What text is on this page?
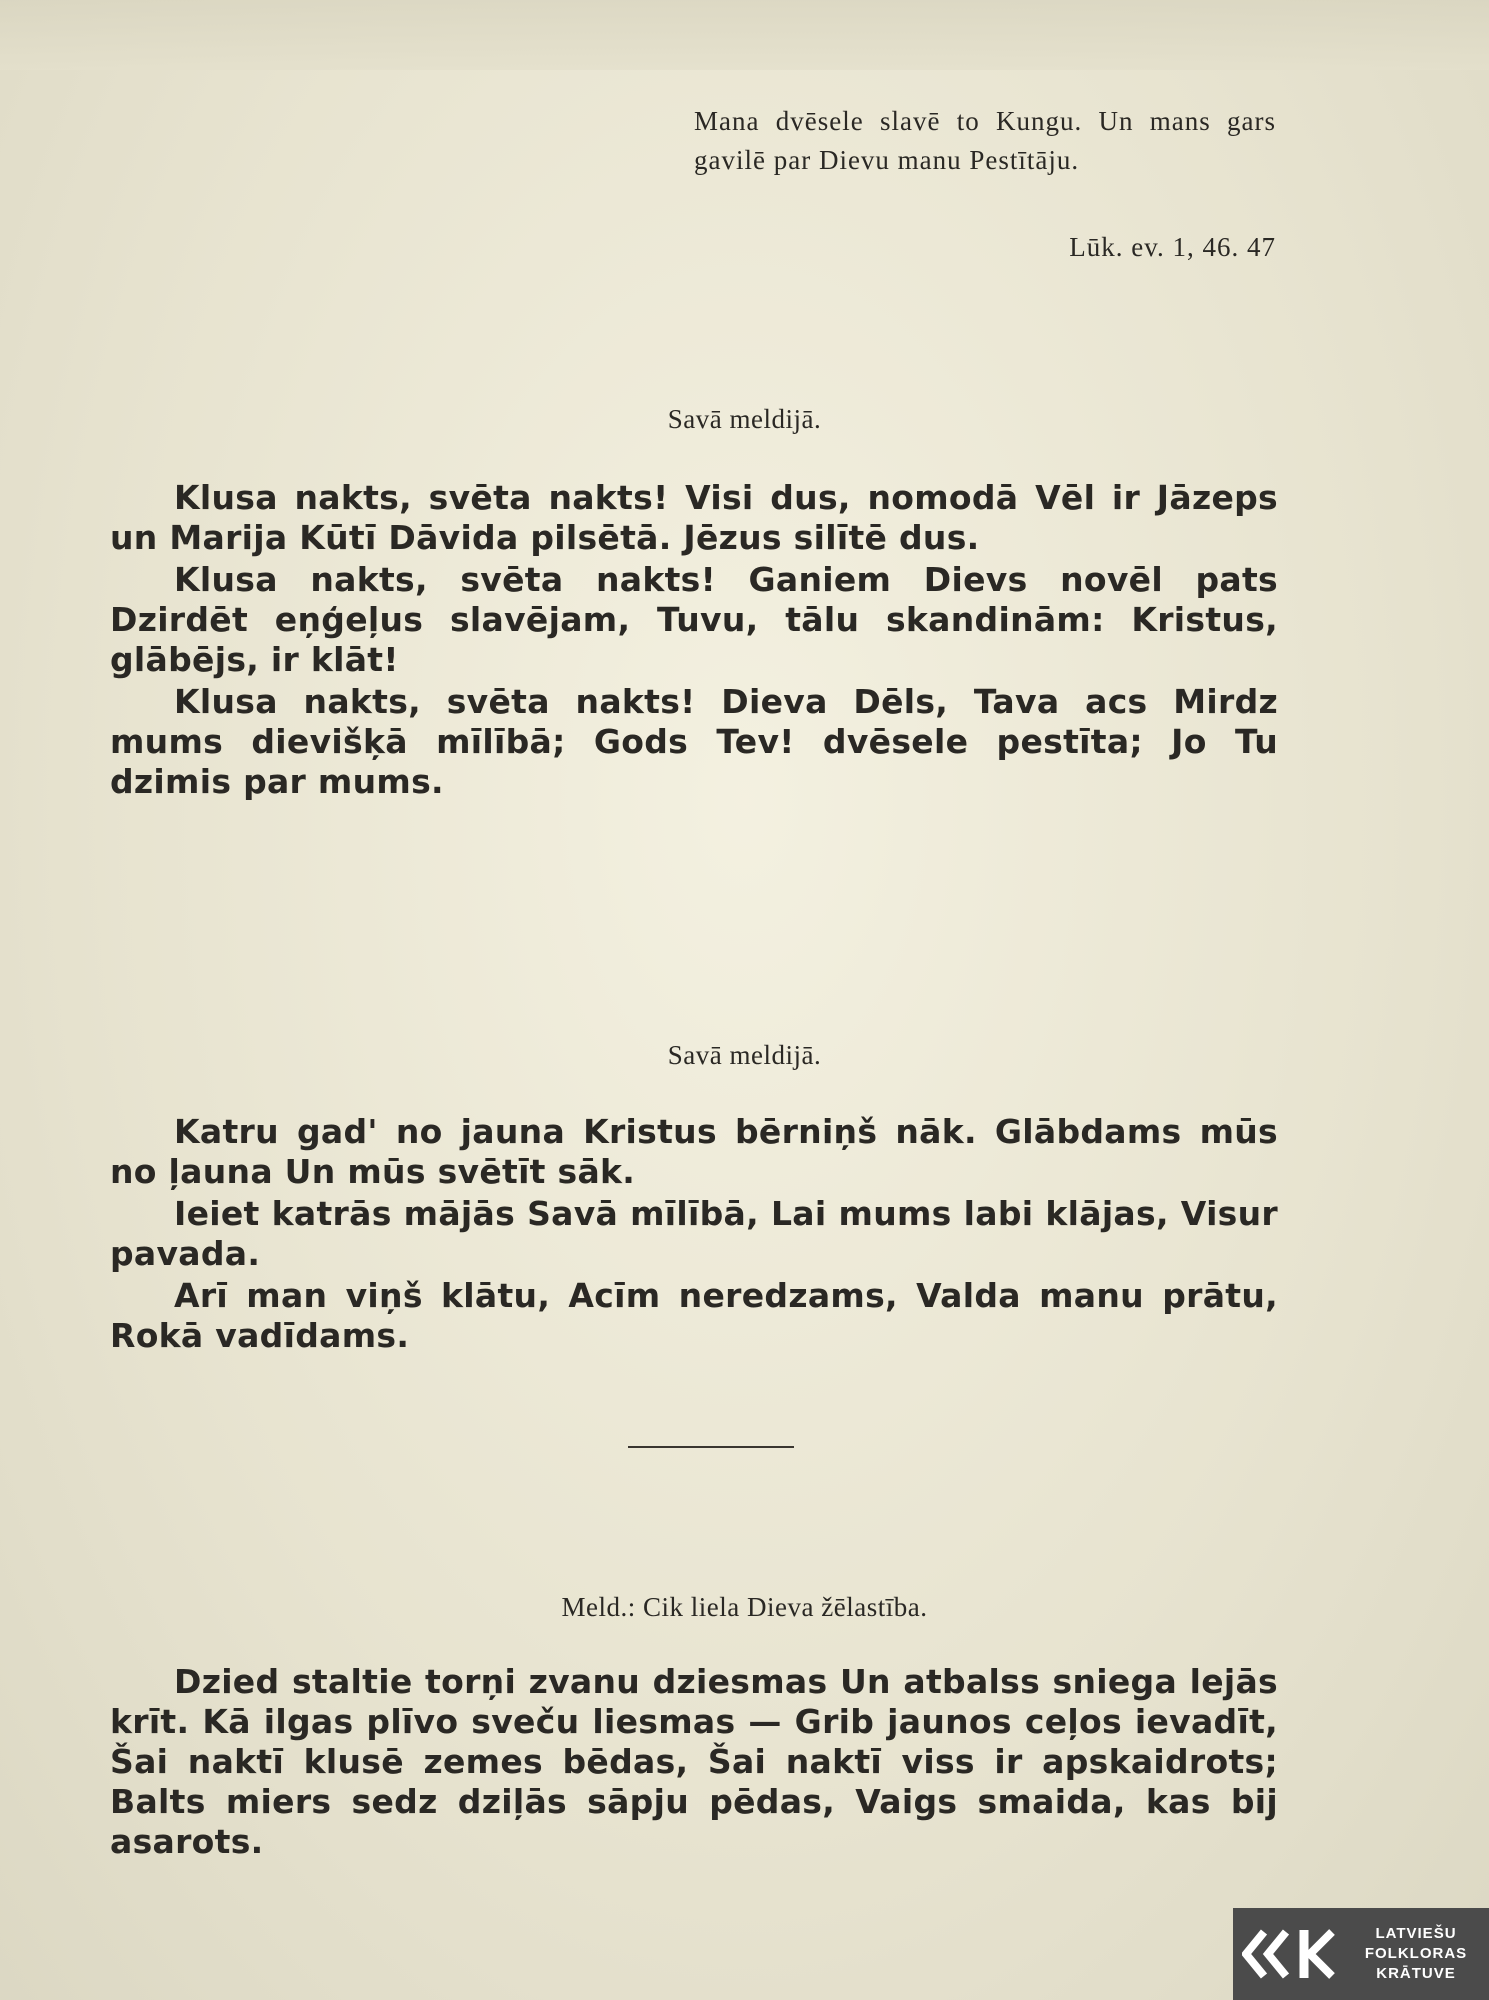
Mana dvēsele slavē to Kungu. Un mans gars gavilē par Dievu manu Pestītāju.
Lūk. ev. 1, 46. 47
Savā meldijā.

Klusa nakts, svēta nakts! Visi dus, nomodā Vēl ir Jāzeps un Marija Kūtī Dāvida pilsētā. Jēzus silītē dus.

Klusa nakts, svēta nakts! Ganiem Dievs novēl pats Dzirdēt eņģeļus slavējam, Tuvu, tālu skandinām: Kristus, glābējs, ir klāt!

Klusa nakts, svēta nakts! Dieva Dēls, Tava acs Mirdz mums dievišķā mīlībā; Gods Tev! dvēsele pestīta; Jo Tu dzimis par mums.

Savā meldijā.

Katru gad' no jauna Kristus bērniņš nāk. Glābdams mūs no ļauna Un mūs svētīt sāk.

Ieiet katrās mājās Savā mīlībā, Lai mums labi klājas, Visur pavada.

Arī man viņš klātu, Acīm neredzams, Valda manu prātu, Rokā vadīdams.

Meld.: Cik liela Dieva žēlastība.

Dzied staltie torņi zvanu dziesmas Un atbalss sniega lejās krīt. Kā ilgas plīvo sveču liesmas — Grib jaunos ceļos ievadīt, Šai naktī klusē zemes bēdas, Šai naktī viss ir apskaidrots; Balts miers sedz dziļās sāpju pēdas, Vaigs smaida, kas bij asarots.

LATVIEŠU
FOLKLORAS
KRĀTUVE
